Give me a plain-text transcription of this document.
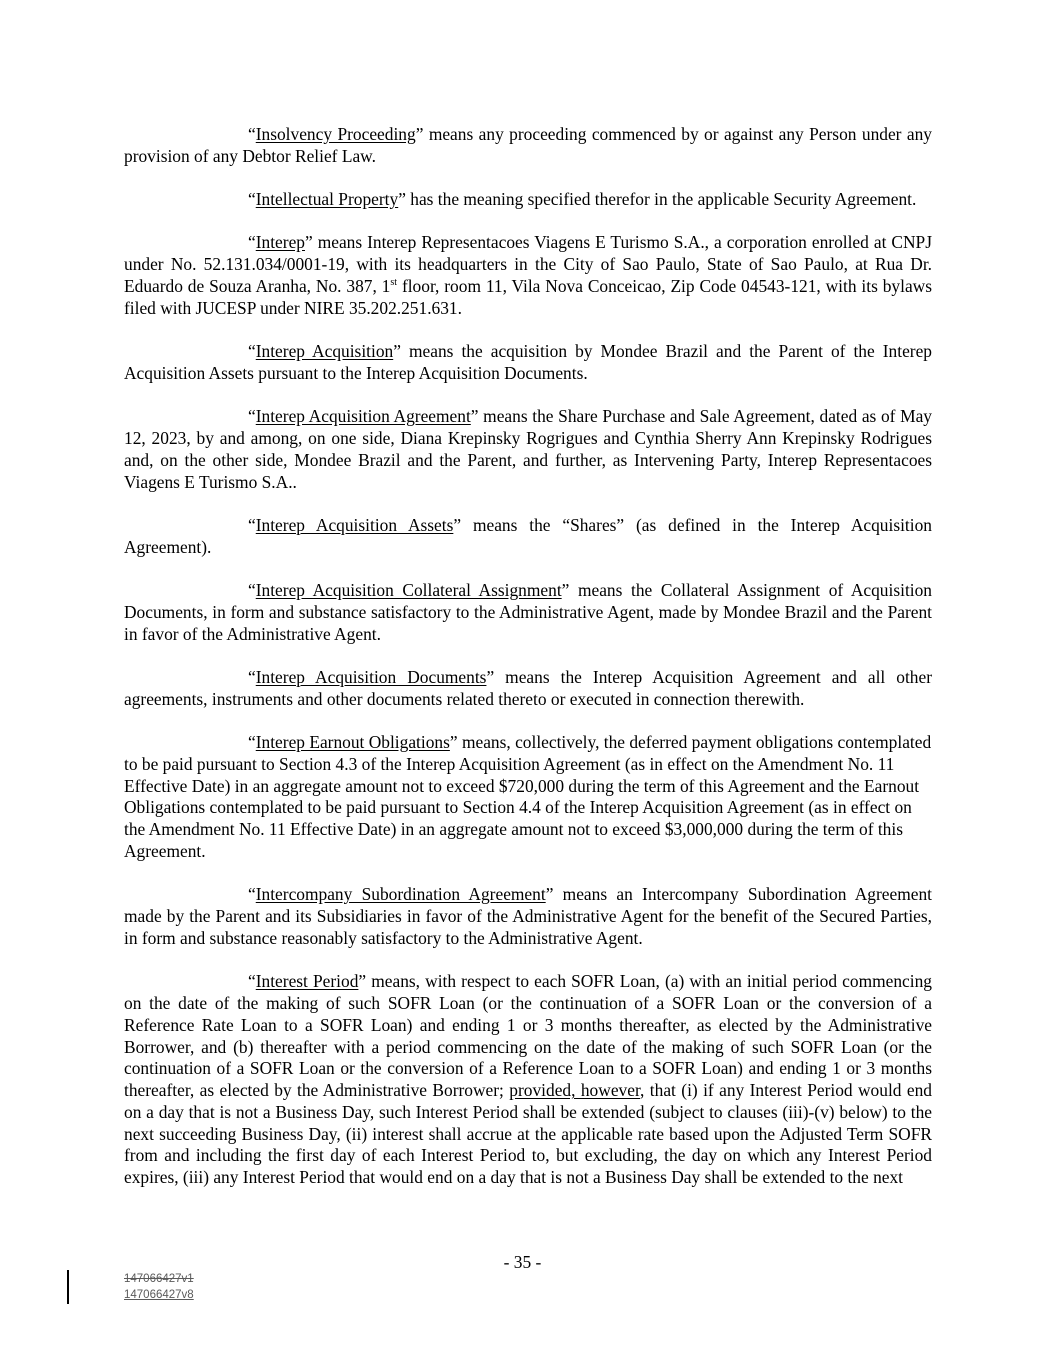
“Insolvency Proceeding” means any proceeding commenced by or against any Person under any provision of any Debtor Relief Law.

“Intellectual Property” has the meaning specified therefor in the applicable Security Agreement.

“Interep” means Interep Representacoes Viagens E Turismo S.A., a corporation enrolled at CNPJ under No. 52.131.034/0001-19, with its headquarters in the City of Sao Paulo, State of Sao Paulo, at Rua Dr. Eduardo de Souza Aranha, No. 387, 1st floor, room 11, Vila Nova Conceicao, Zip Code 04543-121, with its bylaws filed with JUCESP under NIRE 35.202.251.631.

“Interep Acquisition” means the acquisition by Mondee Brazil and the Parent of the Interep Acquisition Assets pursuant to the Interep Acquisition Documents.

“Interep Acquisition Agreement” means the Share Purchase and Sale Agreement, dated as of May 12, 2023, by and among, on one side, Diana Krepinsky Rogrigues and Cynthia Sherry Ann Krepinsky Rodrigues and, on the other side, Mondee Brazil and the Parent, and further, as Intervening Party, Interep Representacoes Viagens E Turismo S.A..

“Interep Acquisition Assets” means the “Shares” (as defined in the Interep Acquisition Agreement).

“Interep Acquisition Collateral Assignment” means the Collateral Assignment of Acquisition Documents, in form and substance satisfactory to the Administrative Agent, made by Mondee Brazil and the Parent in favor of the Administrative Agent.

“Interep Acquisition Documents” means the Interep Acquisition Agreement and all other agreements, instruments and other documents related thereto or executed in connection therewith.

“Interep Earnout Obligations” means, collectively, the deferred payment obligations contemplated to be paid pursuant to Section 4.3 of the Interep Acquisition Agreement (as in effect on the Amendment No. 11 Effective Date) in an aggregate amount not to exceed $720,000 during the term of this Agreement and the Earnout Obligations contemplated to be paid pursuant to Section 4.4 of the Interep Acquisition Agreement (as in effect on the Amendment No. 11 Effective Date) in an aggregate amount not to exceed $3,000,000 during the term of this Agreement.

“Intercompany Subordination Agreement” means an Intercompany Subordination Agreement made by the Parent and its Subsidiaries in favor of the Administrative Agent for the benefit of the Secured Parties, in form and substance reasonably satisfactory to the Administrative Agent.

“Interest Period” means, with respect to each SOFR Loan, (a) with an initial period commencing on the date of the making of such SOFR Loan (or the continuation of a SOFR Loan or the conversion of a Reference Rate Loan to a SOFR Loan) and ending 1 or 3 months thereafter, as elected by the Administrative Borrower, and (b) thereafter with a period commencing on the date of the making of such SOFR Loan (or the continuation of a SOFR Loan or the conversion of a Reference Loan to a SOFR Loan) and ending 1 or 3 months thereafter, as elected by the Administrative Borrower; provided, however, that (i) if any Interest Period would end on a day that is not a Business Day, such Interest Period shall be extended (subject to clauses (iii)-(v) below) to the next succeeding Business Day, (ii) interest shall accrue at the applicable rate based upon the Adjusted Term SOFR from and including the first day of each Interest Period to, but excluding, the day on which any Interest Period expires, (iii) any Interest Period that would end on a day that is not a Business Day shall be extended to the next

- 35 -
147066427v1
147066427v8
